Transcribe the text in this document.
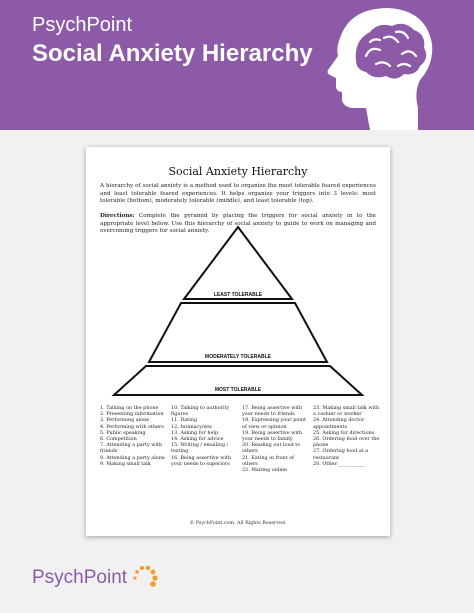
PsychPoint
Social Anxiety Hierarchy
Social Anxiety Hierarchy
A hierarchy of social anxiety is a method used to organize the most tolerable feared experiences and least tolerable feared experiences. It helps organize your triggers into 3 levels: most tolerable (bottom), moderately tolerable (middle), and least tolerable (top).
Directions: Complete the pyramid by placing the triggers for social anxiety in to the appropriate level below. Use this hierarchy of social anxiety to guide to work on managing and overcoming triggers for social anxiety.
LEAST TOLERABLE
MODERATELY TOLERABLE
MOST TOLERABLE
1. Talking on the phone
2. Presenting information
3. Performing alone
4. Performing with others
5. Public speaking
6. Competition
7. Attending a party with
friends
8. Attending a party alone
9. Making small talk
10. Talking to authority
figures
11. Dating
12. Intimacy/sex
13. Asking for help
14. Asking for advice
15. Writing / emailing /
texting
16. Being assertive with
your needs to superiors
17. Being assertive with
your needs to friends
18. Expressing your point
of view or opinion
19. Being assertive with
your needs to family
20. Reading out loud to
others
21. Eating in front of
others
22. Waiting online
23. Making small talk with
a cashier or worker
24. Attending doctor
appointments
25. Asking for directions
26. Ordering food over the
phone
27. Ordering food at a
restaurant
28. Other:___________
© PsychPoint.com. All Rights Reserved.
PsychPoint
